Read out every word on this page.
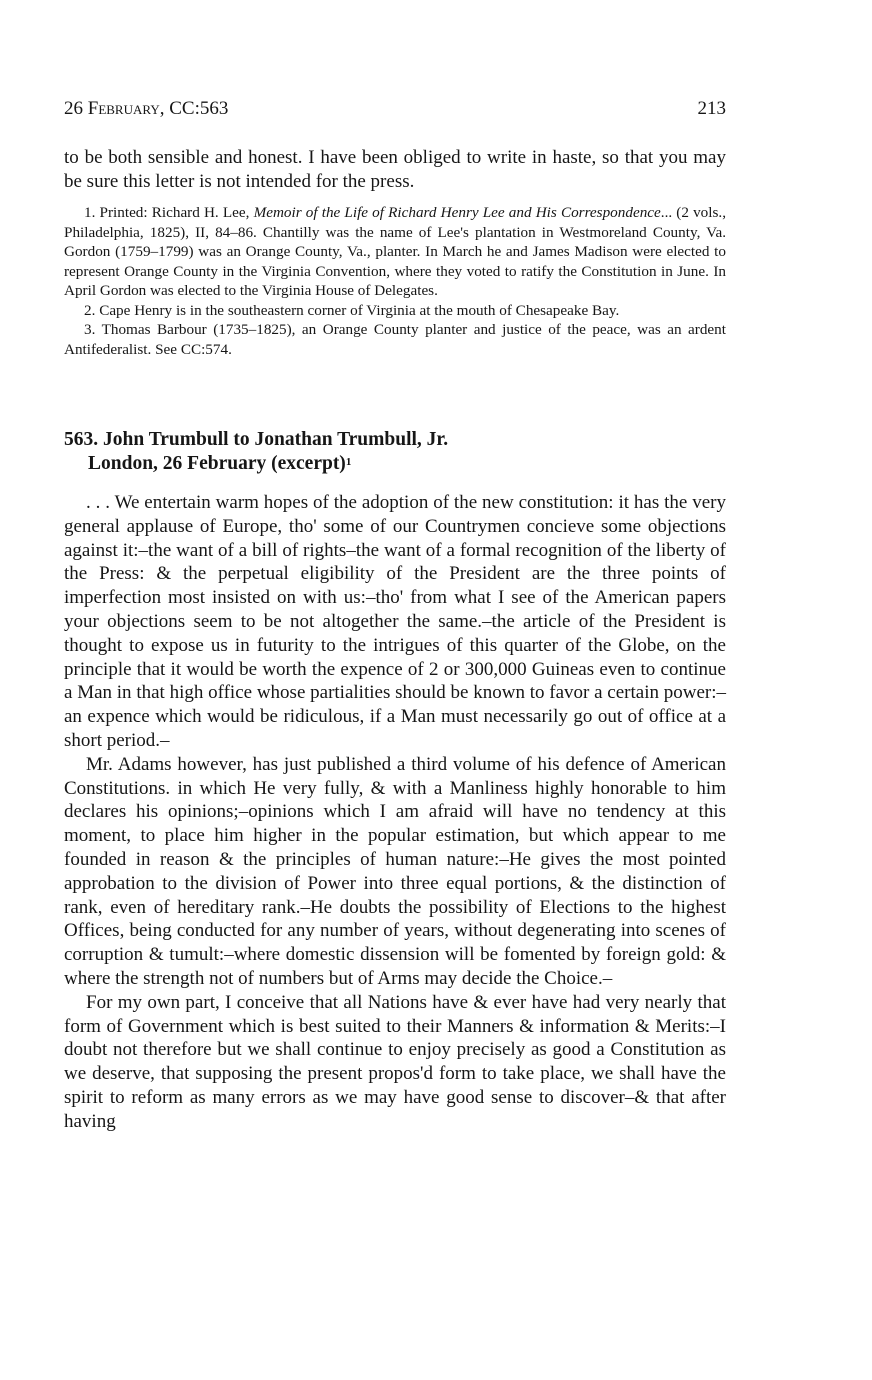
26 February, CC:563	213

to be both sensible and honest. I have been obliged to write in haste, so that you may be sure this letter is not intended for the press.

1. Printed: Richard H. Lee, Memoir of the Life of Richard Henry Lee and His Correspondence... (2 vols., Philadelphia, 1825), II, 84–86. Chantilly was the name of Lee's plantation in Westmoreland County, Va. Gordon (1759–1799) was an Orange County, Va., planter. In March he and James Madison were elected to represent Orange County in the Virginia Convention, where they voted to ratify the Constitution in June. In April Gordon was elected to the Virginia House of Delegates.

2. Cape Henry is in the southeastern corner of Virginia at the mouth of Chesapeake Bay.

3. Thomas Barbour (1735–1825), an Orange County planter and justice of the peace, was an ardent Antifederalist. See CC:574.

563. John Trumbull to Jonathan Trumbull, Jr.
London, 26 February (excerpt)$^1$

. . . We entertain warm hopes of the adoption of the new constitution: it has the very general applause of Europe, tho' some of our Countrymen concieve some objections against it:–the want of a bill of rights–the want of a formal recognition of the liberty of the Press: & the perpetual eligibility of the President are the three points of imperfection most insisted on with us:–tho' from what I see of the American papers your objections seem to be not altogether the same.–the article of the President is thought to expose us in futurity to the intrigues of this quarter of the Globe, on the principle that it would be worth the expence of 2 or 300,000 Guineas even to continue a Man in that high office whose partialities should be known to favor a certain power:–an expence which would be ridiculous, if a Man must necessarily go out of office at a short period.–

Mr. Adams however, has just published a third volume of his defence of American Constitutions. in which He very fully, & with a Manliness highly honorable to him declares his opinions;–opinions which I am afraid will have no tendency at this moment, to place him higher in the popular estimation, but which appear to me founded in reason & the principles of human nature:–He gives the most pointed approbation to the division of Power into three equal portions, & the distinction of rank, even of hereditary rank.–He doubts the possibility of Elections to the highest Offices, being conducted for any number of years, without degenerating into scenes of corruption & tumult:–where domestic dissension will be fomented by foreign gold: & where the strength not of numbers but of Arms may decide the Choice.–

For my own part, I conceive that all Nations have & ever have had very nearly that form of Government which is best suited to their Manners & information & Merits:–I doubt not therefore but we shall continue to enjoy precisely as good a Constitution as we deserve, that supposing the present propos'd form to take place, we shall have the spirit to reform as many errors as we may have good sense to discover–& that after having
